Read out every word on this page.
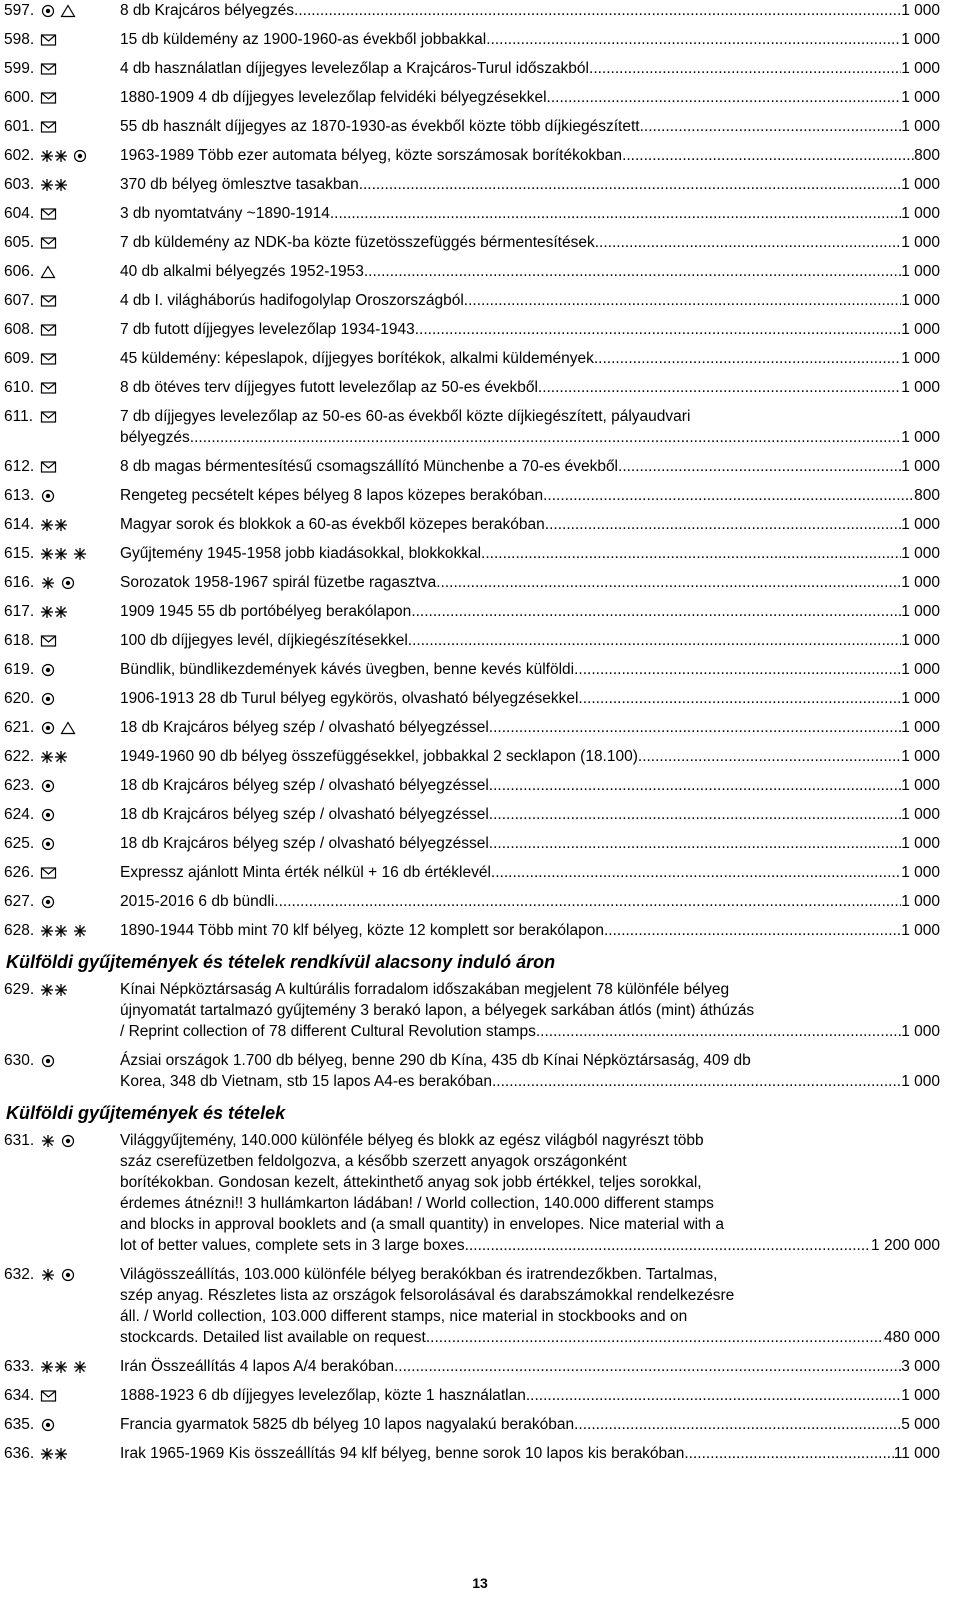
597.	8 db Krajcáros bélyegzés .....	1 000
598.	15 db küldemény az 1900-1960-as évekből jobbakkal. .....	1 000
599.	4 db használatlan díjjegyes levelezőlap a Krajcáros-Turul időszakból. .....	1 000
600.	1880-1909 4 db díjjegyes levelezőlap felvidéki bélyegzésekkel .....	1 000
601.	55 db használt díjjegyes az 1870-1930-as évekből közte több díjkiegészített .....	1 000
602.	1963-1989 Több ezer automata bélyeg, közte sorszámosak borítékokban .....	800
603.	370 db bélyeg ömlesztve tasakban .....	1 000
604.	3 db nyomtatvány ~1890-1914 .....	1 000
605.	7 db küldemény az NDK-ba közte füzetösszefüggés bérmentesítések .....	1 000
606.	40 db alkalmi bélyegzés 1952-1953 .....	1 000
607.	4 db I. világháborús hadifogolylap Oroszországból .....	1 000
608.	7 db futott díjjegyes levelezőlap 1934-1943 .....	1 000
609.	45 küldemény: képeslapok, díjjegyes borítékok, alkalmi küldemények .....	1 000
610.	8 db ötéves terv díjjegyes futott levelezőlap az 50-es évekből .....	1 000
611.	7 db díjjegyes levelezőlap az 50-es 60-as évekből közte díjkiegészített, pályaudvari
bélyegzés .....	1 000
612.	8 db magas bérmentesítésű csomagszállító Münchenbe a 70-es évekből .....	1 000
613.	Rengeteg pecsételt képes bélyeg 8 lapos közepes berakóban .....	800
614.	Magyar sorok és blokkok a 60-as évekből közepes berakóban .....	1 000
615.	Gyűjtemény 1945-1958 jobb kiadásokkal, blokkokkal .....	1 000
616.	Sorozatok 1958-1967 spirál füzetbe ragasztva .....	1 000
617.	1909 1945 55 db portóbélyeg berakólapon .....	1 000
618.	100 db díjjegyes levél, díjkiegészítésekkel .....	1 000
619.	Bündlik, bündlikezdemények kávés üvegben, benne kevés külföldi .....	1 000
620.	1906-1913 28 db Turul bélyeg egykörös, olvasható bélyegzésekkel .....	1 000
621.	18 db Krajcáros bélyeg szép / olvasható bélyegzéssel .....	1 000
622.	1949-1960 90 db bélyeg összefüggésekkel, jobbakkal 2 secklapon (18.100) .....	1 000
623.	18 db Krajcáros bélyeg szép / olvasható bélyegzéssel .....	1 000
624.	18 db Krajcáros bélyeg szép / olvasható bélyegzéssel .....	1 000
625.	18 db Krajcáros bélyeg szép / olvasható bélyegzéssel .....	1 000
626.	Expressz ajánlott Minta érték nélkül + 16 db értéklevél .....	1 000
627.	2015-2016 6 db bündli .....	1 000
628.	1890-1944 Több mint 70 klf bélyeg, közte 12 komplett sor berakólapon .....	1 000
Külföldi gyűjtemények és tételek rendkívül alacsony induló áron
629.	Kínai Népköztársaság A kultúrális forradalom időszakában megjelent 78 különféle bélyeg
újnyomatát tartalmazó gyűjtemény 3 berakó lapon, a bélyegek sarkában átlós (mint) áthúzás
/ Reprint collection of 78 different Cultural Revolution stamps .....	1 000
630.	Ázsiai országok 1.700 db bélyeg, benne 290 db Kína, 435 db Kínai Népköztársaság, 409 db
Korea, 348 db Vietnam, stb 15 lapos A4-es berakóban .....	1 000
Külföldi gyűjtemények és tételek
631.	Világgyűjtemény, 140.000 különféle bélyeg és blokk az egész világból nagyrészt több
száz cserefüzetben feldolgozva, a később szerzett anyagok országonként
borítékokban. Gondosan kezelt, áttekinthető anyag sok jobb értékkel, teljes sorokkal,
érdemes átnézni!! 3 hullámkarton ládában! / World collection, 140.000 different stamps
and blocks in approval booklets and (a small quantity) in envelopes. Nice material with a
lot of better values, complete sets in 3 large boxes. .....	1 200 000
632.	Világösszeállítás, 103.000 különféle bélyeg berakókban és iratrendezőkben. Tartalmas,
szép anyag. Részletes lista az országok felsorolásával és darabszámokkal rendelkezésre
áll. / World collection, 103.000 different stamps, nice material in stockbooks and on
stockcards. Detailed list available on request. .....	480 000
633.	Irán Összeállítás 4 lapos A/4 berakóban .....	3 000
634.	1888-1923 6 db díjjegyes levelezőlap, közte 1 használatlan .....	1 000
635.	Francia gyarmatok 5825 db bélyeg 10 lapos nagyalakú berakóban .....	5 000
636.	Irak 1965-1969 Kis összeállítás 94 klf bélyeg, benne sorok 10 lapos kis berakóban .....	11 000
13
